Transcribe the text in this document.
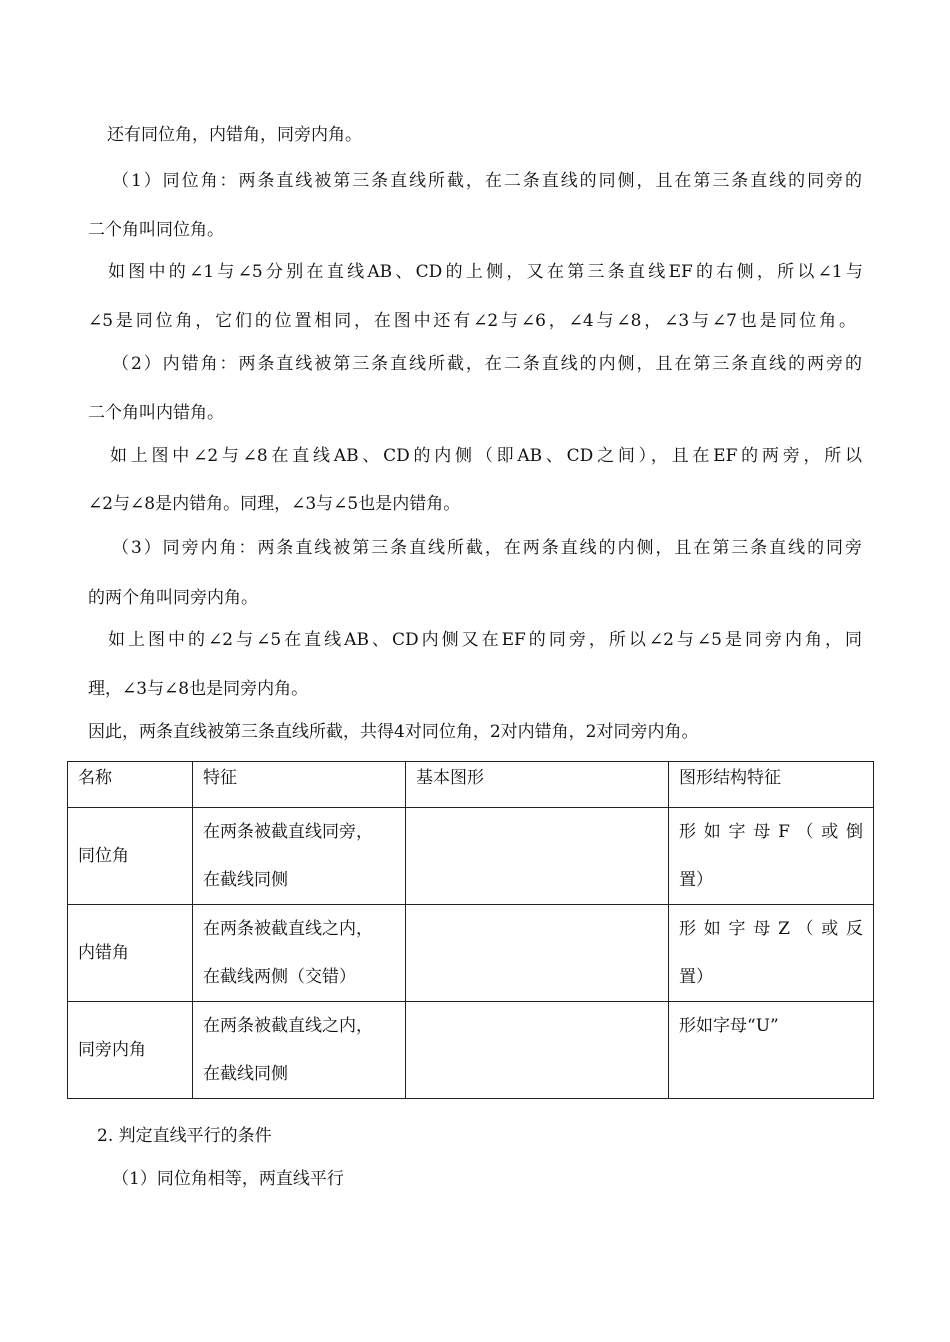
还有同位角，内错角，同旁内角。
（1）同位角：两条直线被第三条直线所截，在二条直线的同侧，且在第三条直线的同旁的
二个角叫同位角。
如图中的∠1与∠5分别在直线AB、CD的上侧，又在第三条直线EF的右侧，所以∠1与
∠5是同位角，它们的位置相同，在图中还有∠2与∠6，∠4与∠8，∠3与∠7也是同位角。
（2）内错角：两条直线被第三条直线所截，在二条直线的内侧，且在第三条直线的两旁的
二个角叫内错角。
如上图中∠2与∠8在直线AB、CD的内侧（即AB、CD之间），且在EF的两旁，所以
∠2与∠8是内错角。同理，∠3与∠5也是内错角。
（3）同旁内角：两条直线被第三条直线所截，在两条直线的内侧，且在第三条直线的同旁
的两个角叫同旁内角。
如上图中的∠2与∠5在直线AB、CD内侧又在EF的同旁，所以∠2与∠5是同旁内角，同
理，∠3与∠8也是同旁内角。
因此，两条直线被第三条直线所截，共得4对同位角，2对内错角，2对同旁内角。
名称	特征	基本图形	图形结构特征
同位角	在两条被截直线同旁，
在截线同侧		形 如 字 母 F （ 或 倒
置）

内错角	在两条被截直线之内，
在截线两侧（交错）		形 如 字 母 Z （ 或 反
置）

同旁内角	在两条被截直线之内，
在截线同侧		形如字母“U”
2. 判定直线平行的条件
（1）同位角相等，两直线平行
